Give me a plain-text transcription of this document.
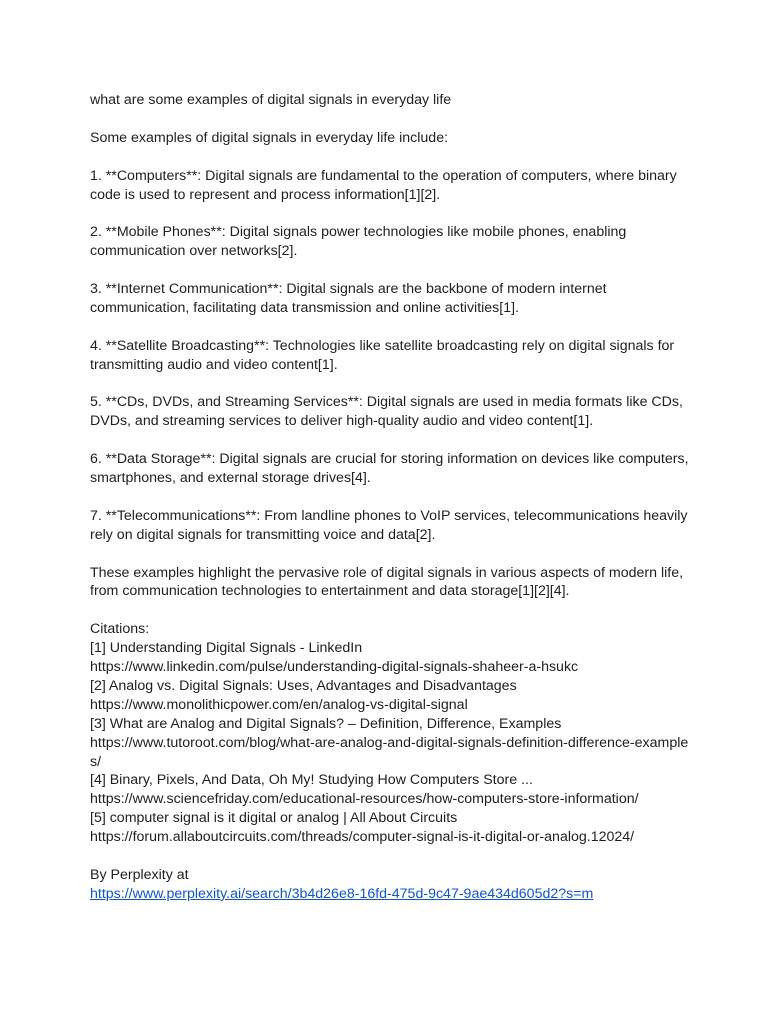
what are some examples of digital signals in everyday life

Some examples of digital signals in everyday life include:

1. **Computers**: Digital signals are fundamental to the operation of computers, where binary
code is used to represent and process information[1][2].

2. **Mobile Phones**: Digital signals power technologies like mobile phones, enabling
communication over networks[2].

3. **Internet Communication**: Digital signals are the backbone of modern internet
communication, facilitating data transmission and online activities[1].

4. **Satellite Broadcasting**: Technologies like satellite broadcasting rely on digital signals for
transmitting audio and video content[1].

5. **CDs, DVDs, and Streaming Services**: Digital signals are used in media formats like CDs,
DVDs, and streaming services to deliver high-quality audio and video content[1].

6. **Data Storage**: Digital signals are crucial for storing information on devices like computers,
smartphones, and external storage drives[4].

7. **Telecommunications**: From landline phones to VoIP services, telecommunications heavily
rely on digital signals for transmitting voice and data[2].

These examples highlight the pervasive role of digital signals in various aspects of modern life,
from communication technologies to entertainment and data storage[1][2][4].

Citations:
[1] Understanding Digital Signals - LinkedIn
https://www.linkedin.com/pulse/understanding-digital-signals-shaheer-a-hsukc
[2] Analog vs. Digital Signals: Uses, Advantages and Disadvantages
https://www.monolithicpower.com/en/analog-vs-digital-signal
[3] What are Analog and Digital Signals? – Definition, Difference, Examples
https://www.tutoroot.com/blog/what-are-analog-and-digital-signals-definition-difference-example
s/
[4] Binary, Pixels, And Data, Oh My! Studying How Computers Store ...
https://www.sciencefriday.com/educational-resources/how-computers-store-information/
[5] computer signal is it digital or analog | All About Circuits
https://forum.allaboutcircuits.com/threads/computer-signal-is-it-digital-or-analog.12024/
By Perplexity at
https://www.perplexity.ai/search/3b4d26e8-16fd-475d-9c47-9ae434d605d2?s=m
